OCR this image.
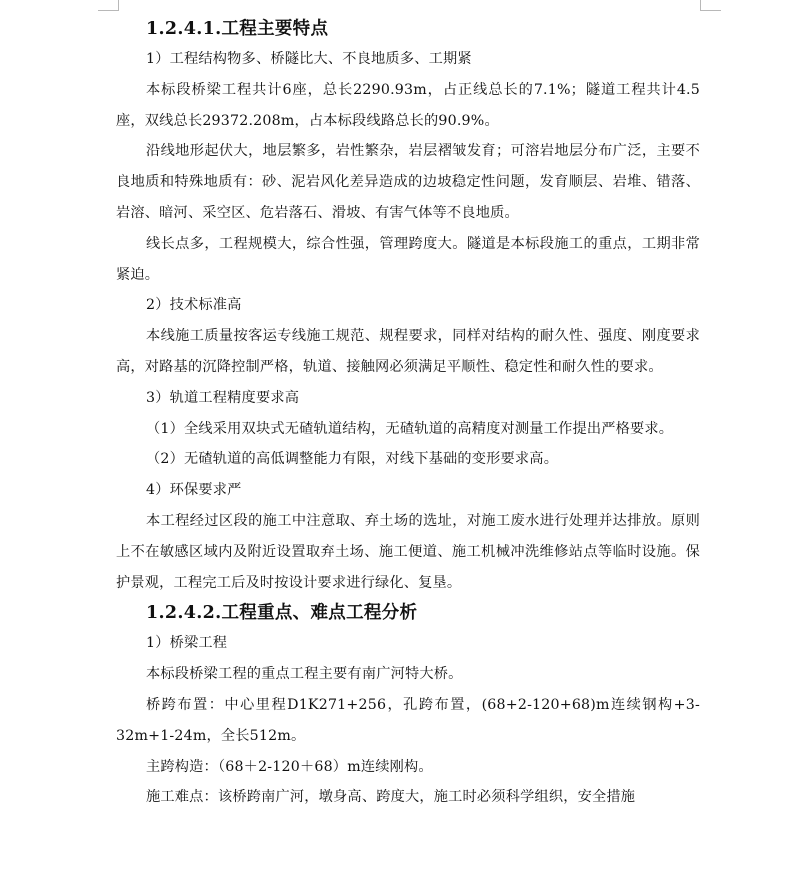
1.2.4.1.工程主要特点

1）工程结构物多、桥隧比大、不良地质多、工期紧

本标段桥梁工程共计6座，总长2290.93m，占正线总长的7.1%；隧道工程共计4.5座，双线总长29372.208m，占本标段线路总长的90.9%。

沿线地形起伏大，地层繁多，岩性繁杂，岩层褶皱发育；可溶岩地层分布广泛，主要不良地质和特殊地质有：砂、泥岩风化差异造成的边坡稳定性问题，发育顺层、岩堆、错落、岩溶、暗河、采空区、危岩落石、滑坡、有害气体等不良地质。

线长点多，工程规模大，综合性强，管理跨度大。隧道是本标段施工的重点，工期非常紧迫。

2）技术标准高

本线施工质量按客运专线施工规范、规程要求，同样对结构的耐久性、强度、刚度要求高，对路基的沉降控制严格，轨道、接触网必须满足平顺性、稳定性和耐久性的要求。

3）轨道工程精度要求高

（1）全线采用双块式无碴轨道结构，无碴轨道的高精度对测量工作提出严格要求。

（2）无碴轨道的高低调整能力有限，对线下基础的变形要求高。

4）环保要求严

本工程经过区段的施工中注意取、弃土场的选址，对施工废水进行处理并达排放。原则上不在敏感区域内及附近设置取弃土场、施工便道、施工机械冲洗维修站点等临时设施。保护景观，工程完工后及时按设计要求进行绿化、复垦。

1.2.4.2.工程重点、难点工程分析

1）桥梁工程

本标段桥梁工程的重点工程主要有南广河特大桥。

桥跨布置：中心里程D1K271+256，孔跨布置，(68+2-120+68)m连续钢构+3-32m+1-24m，全长512m。

主跨构造：（68＋2-120＋68）m连续刚构。

施工难点：该桥跨南广河，墩身高、跨度大，施工时必须科学组织，安全措施
